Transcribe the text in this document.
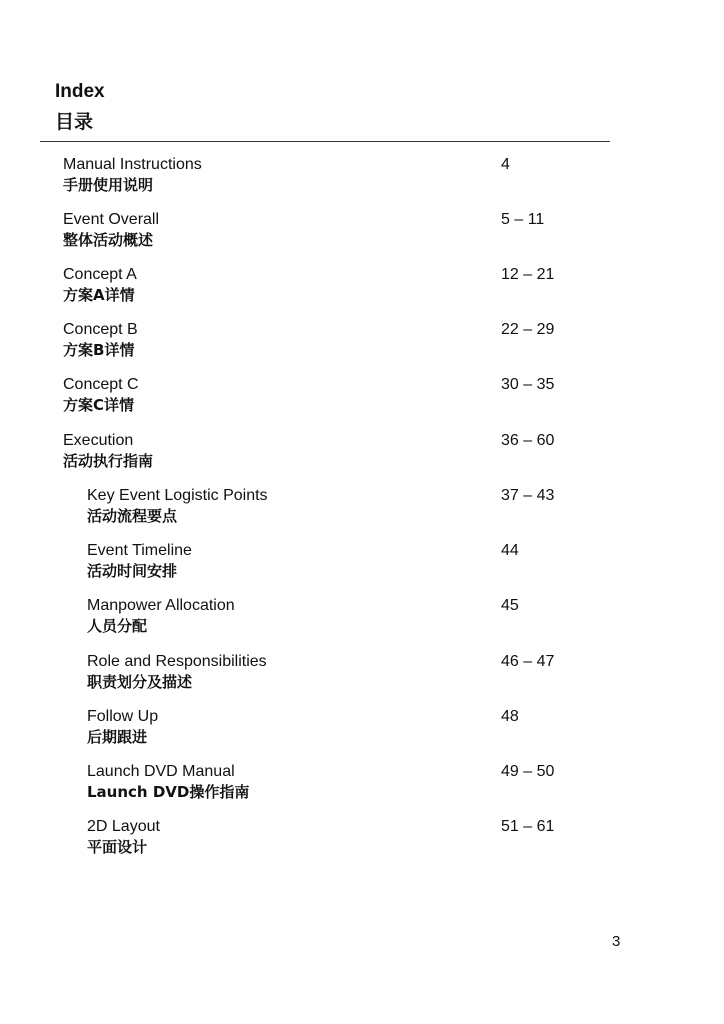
Index
目录
Manual Instructions
手册使用说明
4
Event Overall
整体活动概述
5 – 11
Concept A
方案A详情
12 – 21
Concept B
方案B详情
22 – 29
Concept C
方案C详情
30 – 35
Execution
活动执行指南
36 – 60
Key Event Logistic Points
活动流程要点
37 – 43
Event Timeline
活动时间安排
44
Manpower Allocation
人员分配
45
Role and Responsibilities
职责划分及描述
46 – 47
Follow Up
后期跟进
48
Launch DVD Manual
Launch DVD操作指南
49 – 50
2D Layout
平面设计
51 – 61
3
